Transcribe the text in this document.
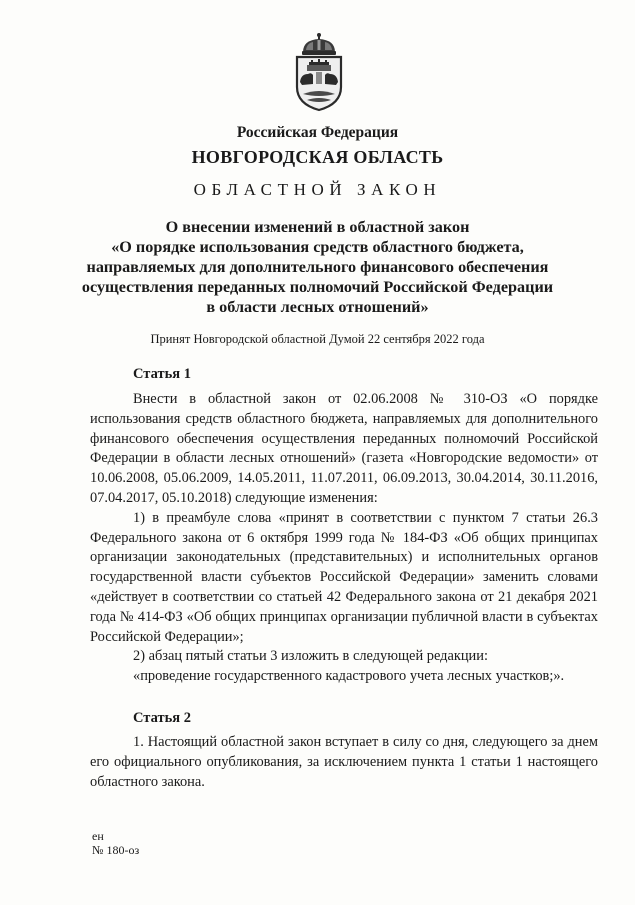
Российская Федерация
НОВГОРОДСКАЯ ОБЛАСТЬ
ОБЛАСТНОЙ ЗАКОН
О внесении изменений в областной закон
«О порядке использования средств областного бюджета,
направляемых для дополнительного финансового обеспечения
осуществления переданных полномочий Российской Федерации
в области лесных отношений»
Принят Новгородской областной Думой 22 сентября 2022 года
Статья 1

Внести в областной закон от 02.06.2008 № 310-ОЗ «О порядке использования средств областного бюджета, направляемых для дополнительного финансового обеспечения осуществления переданных полномочий Российской Федерации в области лесных отношений» (газета «Новгородские ведомости» от 10.06.2008, 05.06.2009, 14.05.2011, 11.07.2011, 06.09.2013, 30.04.2014, 30.11.2016, 07.04.2017, 05.10.2018) следующие изменения:

1) в преамбуле слова «принят в соответствии с пунктом 7 статьи 26.3 Федерального закона от 6 октября 1999 года № 184-ФЗ «Об общих принципах организации законодательных (представительных) и исполнительных органов государственной власти субъектов Российской Федерации» заменить словами «действует в соответствии со статьей 42 Федерального закона от 21 декабря 2021 года № 414-ФЗ «Об общих принципах организации публичной власти в субъектах Российской Федерации»;

2) абзац пятый статьи 3 изложить в следующей редакции:

«проведение государственного кадастрового учета лесных участков;».

Статья 2

1. Настоящий областной закон вступает в силу со дня, следующего за днем его официального опубликования, за исключением пункта 1 статьи 1 настоящего областного закона.

ен
№ 180-оз
